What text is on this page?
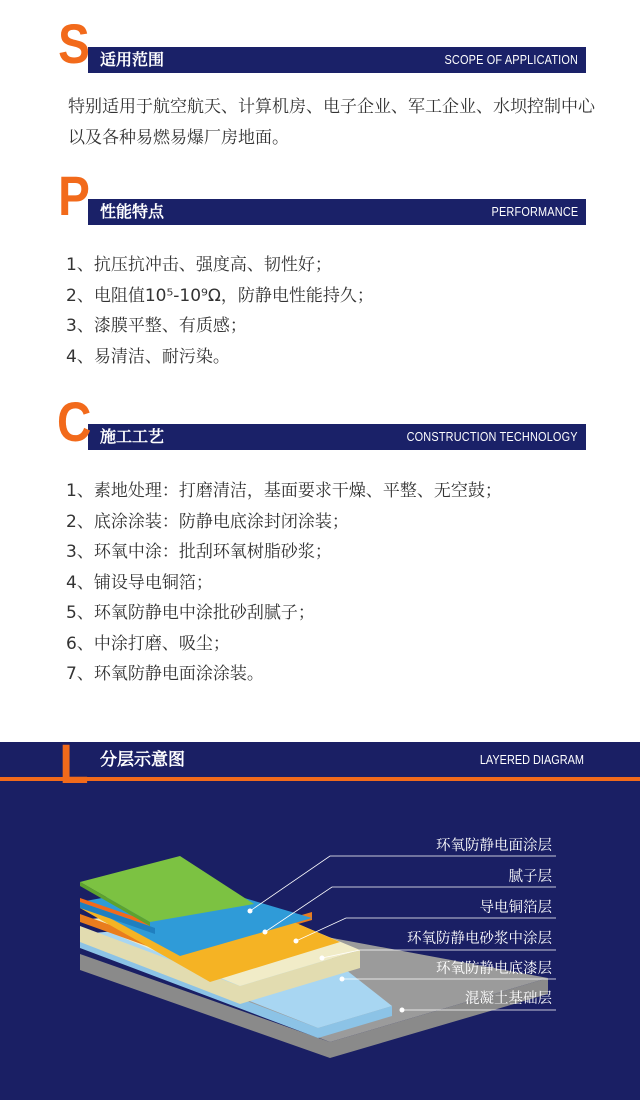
适用范围	SCOPE OF APPLICATION
S

特别适用于航空航天、计算机房、电子企业、军工企业、水坝控制中心以及各种易燃易爆厂房地面。

性能特点	PERFORMANCE
P
1、抗压抗冲击、强度高、韧性好；
2、电阻值10⁵-10⁹Ω，防静电性能持久；
3、漆膜平整、有质感；
4、易清洁、耐污染。
施工工艺	CONSTRUCTION TECHNOLOGY
C
1、素地处理：打磨清洁，基面要求干燥、平整、无空鼓；
2、底涂涂装：防静电底涂封闭涂装；
3、环氧中涂：批刮环氧树脂砂浆；
4、铺设导电铜箔；
5、环氧防静电中涂批砂刮腻子；
6、中涂打磨、吸尘；
7、环氧防静电面涂涂装。
L 分层示意图	LAYERED DIAGRAM
环氧防静电面涂层
腻子层
导电铜箔层
环氧防静电砂浆中涂层
环氧防静电底漆层
混凝土基础层
